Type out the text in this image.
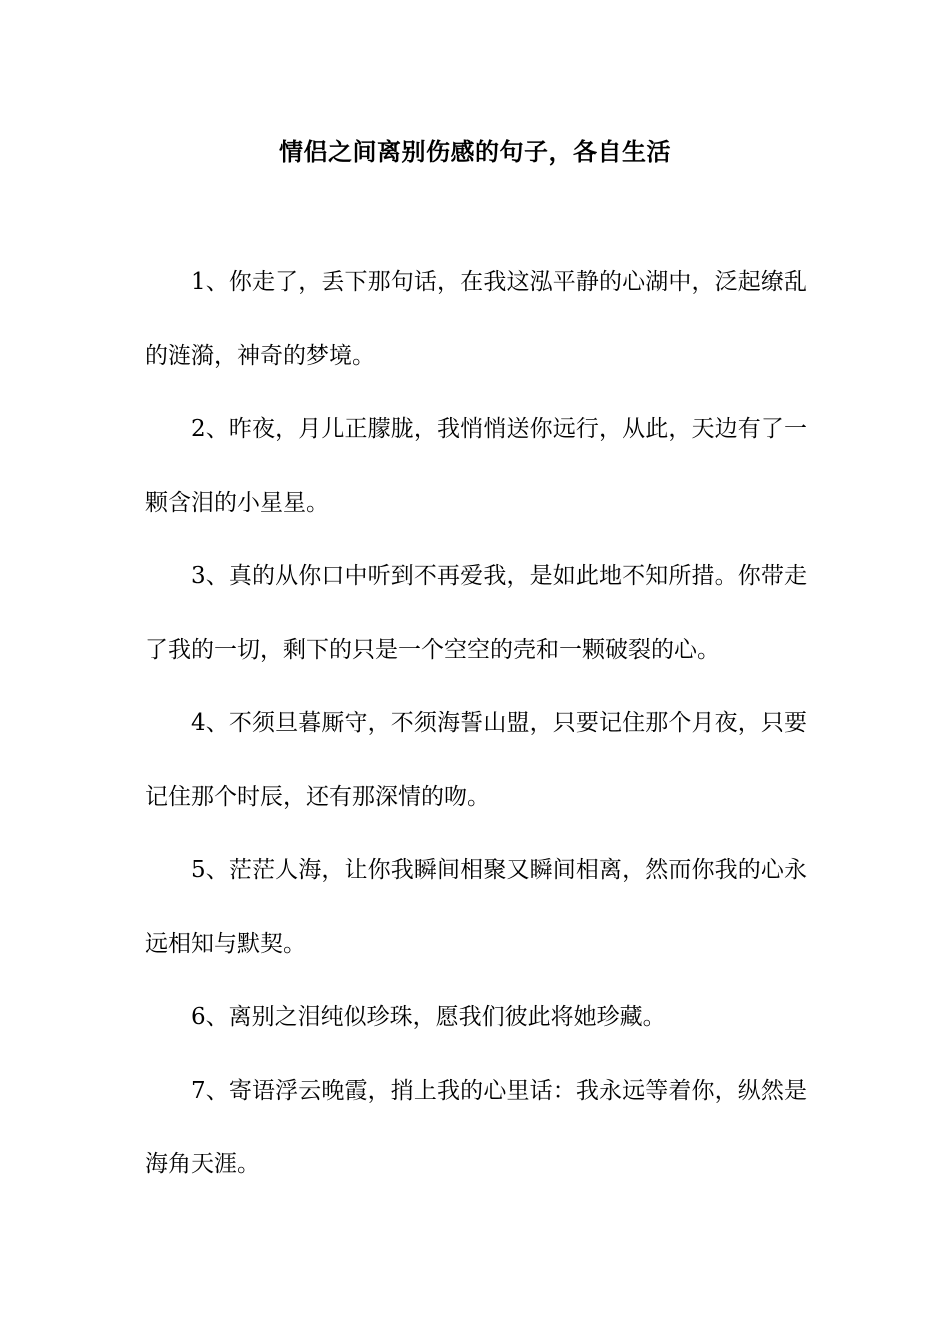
情侣之间离别伤感的句子，各自生活

1、你走了，丢下那句话，在我这泓平静的心湖中，泛起缭乱的涟漪，神奇的梦境。

2、昨夜，月儿正朦胧，我悄悄送你远行，从此，天边有了一颗含泪的小星星。

3、真的从你口中听到不再爱我，是如此地不知所措。你带走了我的一切，剩下的只是一个空空的壳和一颗破裂的心。

4、不须旦暮厮守，不须海誓山盟，只要记住那个月夜，只要记住那个时辰，还有那深情的吻。

5、茫茫人海，让你我瞬间相聚又瞬间相离，然而你我的心永远相知与默契。

6、离别之泪纯似珍珠，愿我们彼此将她珍藏。

7、寄语浮云晚霞，捎上我的心里话：我永远等着你，纵然是海角天涯。
